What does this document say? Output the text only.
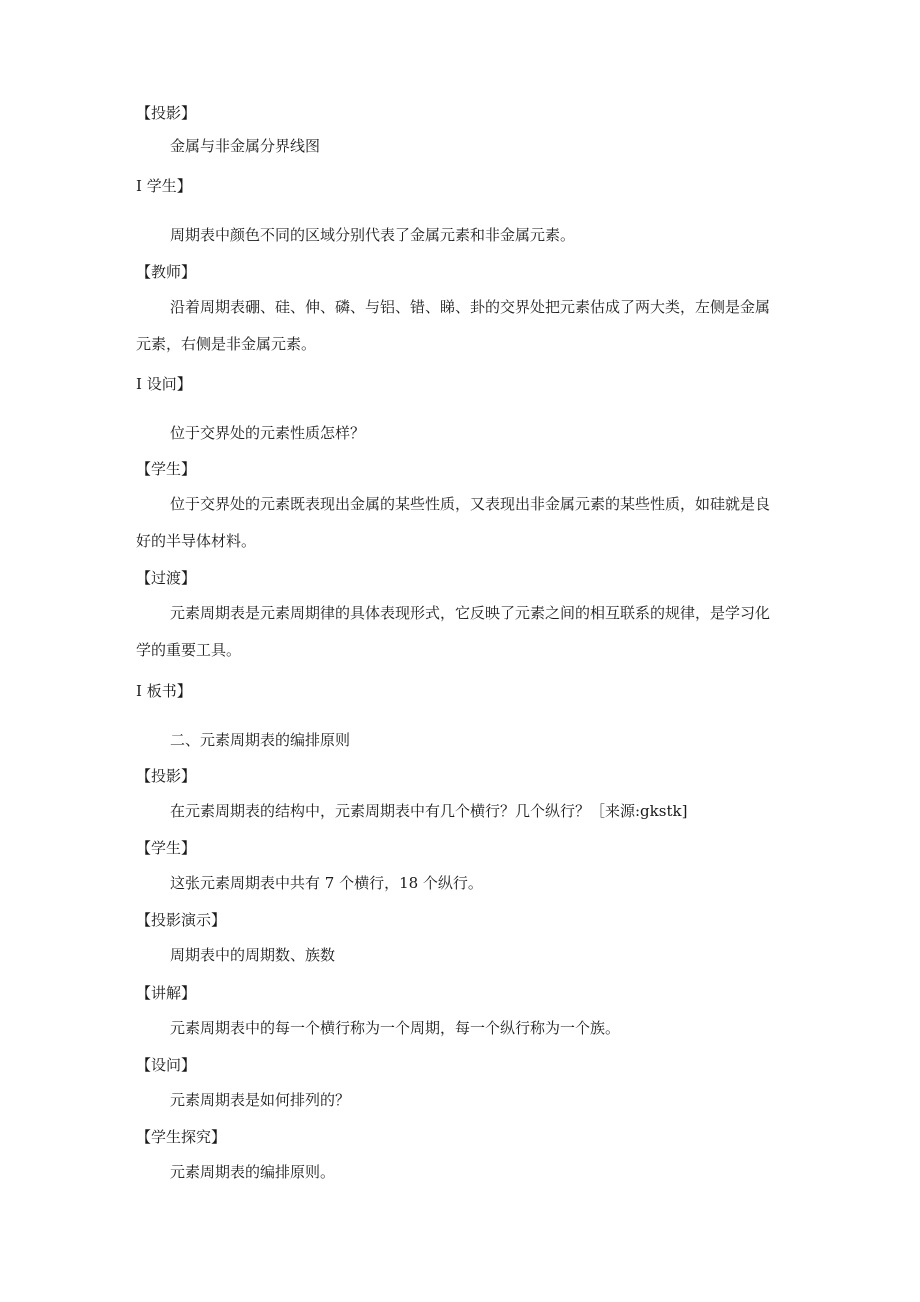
【投影】
金属与非金属分界线图
I 学生】
周期表中颜色不同的区域分别代表了金属元素和非金属元素。
【教师】
沿着周期表硼、硅、伸、磷、与铝、错、睇、卦的交界处把元素估成了两大类，左侧是金属
元素，右侧是非金属元素。
I 设问】
位于交界处的元素性质怎样？
【学生】
位于交界处的元素既表现出金属的某些性质，又表现出非金属元素的某些性质，如硅就是良
好的半导体材料。
【过渡】
元素周期表是元素周期律的具体表现形式，它反映了元素之间的相互联系的规律，是学习化
学的重要工具。
I 板书】
二、元素周期表的编排原则
【投影】
在元素周期表的结构中，元素周期表中有几个横行？几个纵行？［来源:gkstk]
【学生】
这张元素周期表中共有 7 个横行，18 个纵行。
【投影演示】
周期表中的周期数、族数
【讲解】
元素周期表中的每一个横行称为一个周期，每一个纵行称为一个族。
【设问】
元素周期表是如何排列的？
【学生探究】
元素周期表的编排原则。
